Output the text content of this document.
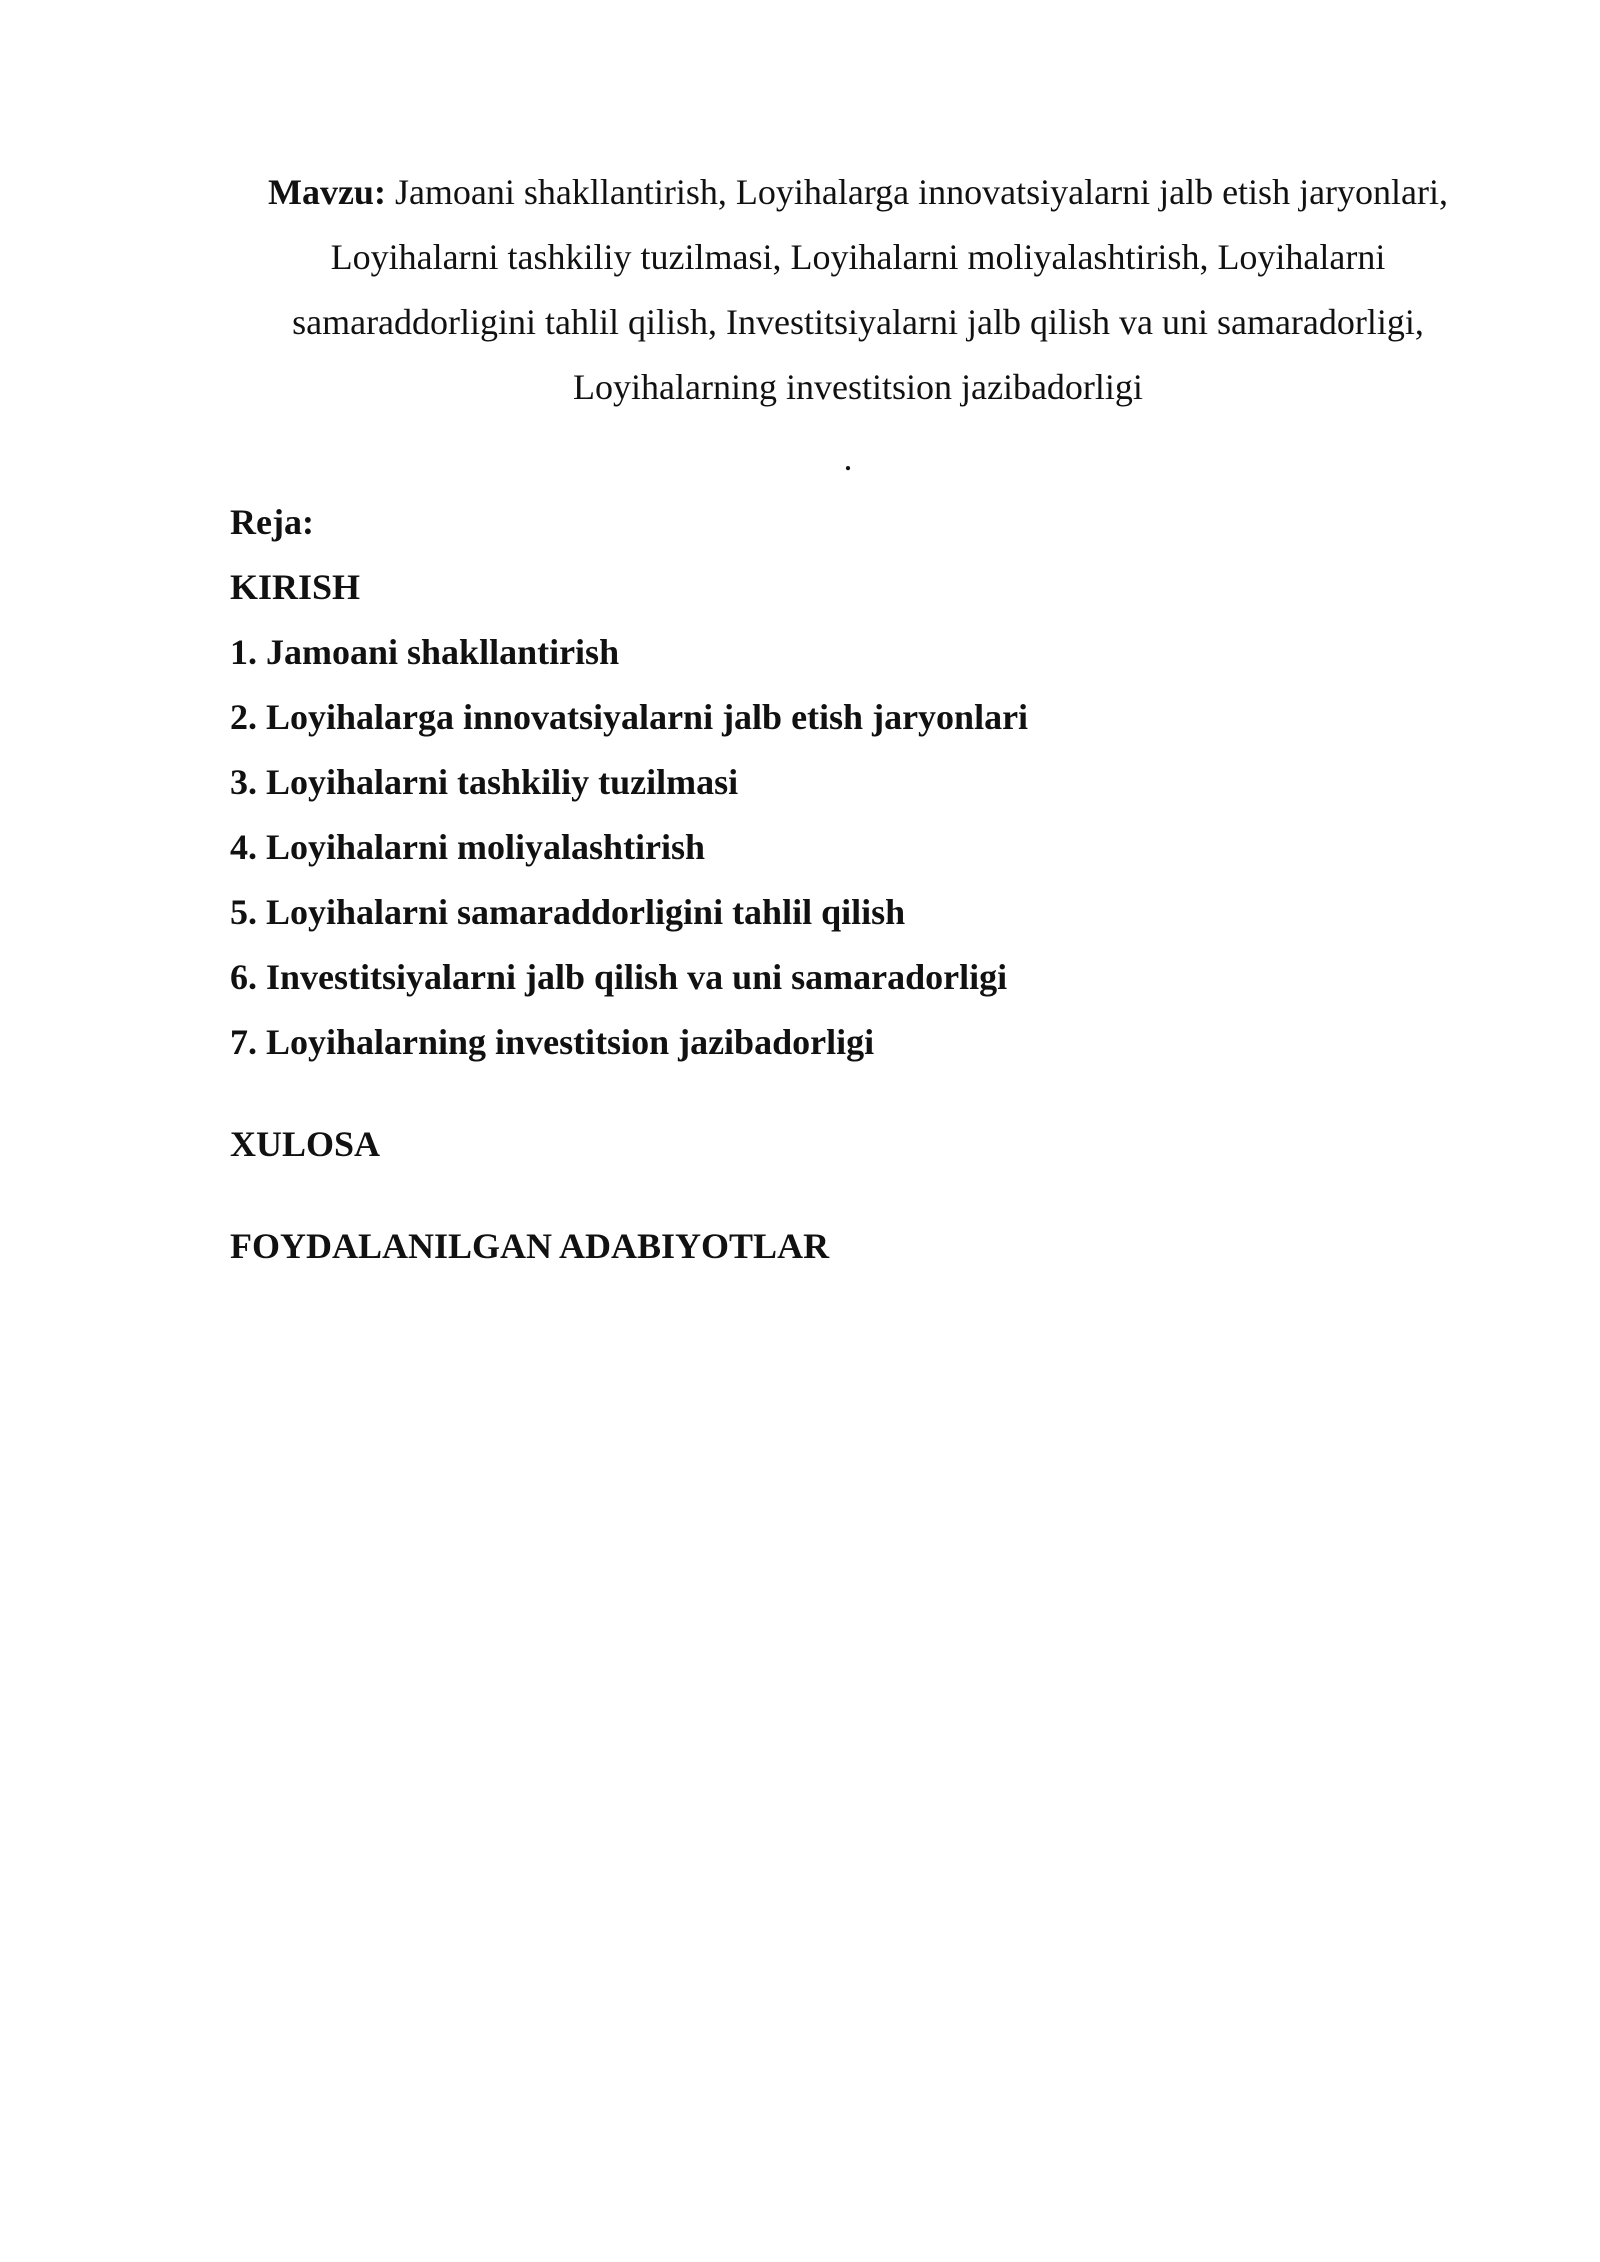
Mavzu: Jamoani shakllantirish, Loyihalarga innovatsiyalarni jalb etish jaryonlari, Loyihalarni tashkiliy tuzilmasi, Loyihalarni moliyalashtirish, Loyihalarni samaraddorligini tahlil qilish, Investitsiyalarni jalb qilish va uni samaradorligi, Loyihalarning investitsion jazibadorligi
.
Reja:
KIRISH
1. Jamoani shakllantirish
2. Loyihalarga innovatsiyalarni jalb etish jaryonlari
3. Loyihalarni tashkiliy tuzilmasi
4. Loyihalarni moliyalashtirish
5. Loyihalarni samaraddorligini tahlil qilish
6. Investitsiyalarni jalb qilish va uni samaradorligi
7. Loyihalarning investitsion jazibadorligi
XULOSA
FOYDALANILGAN ADABIYOTLAR
